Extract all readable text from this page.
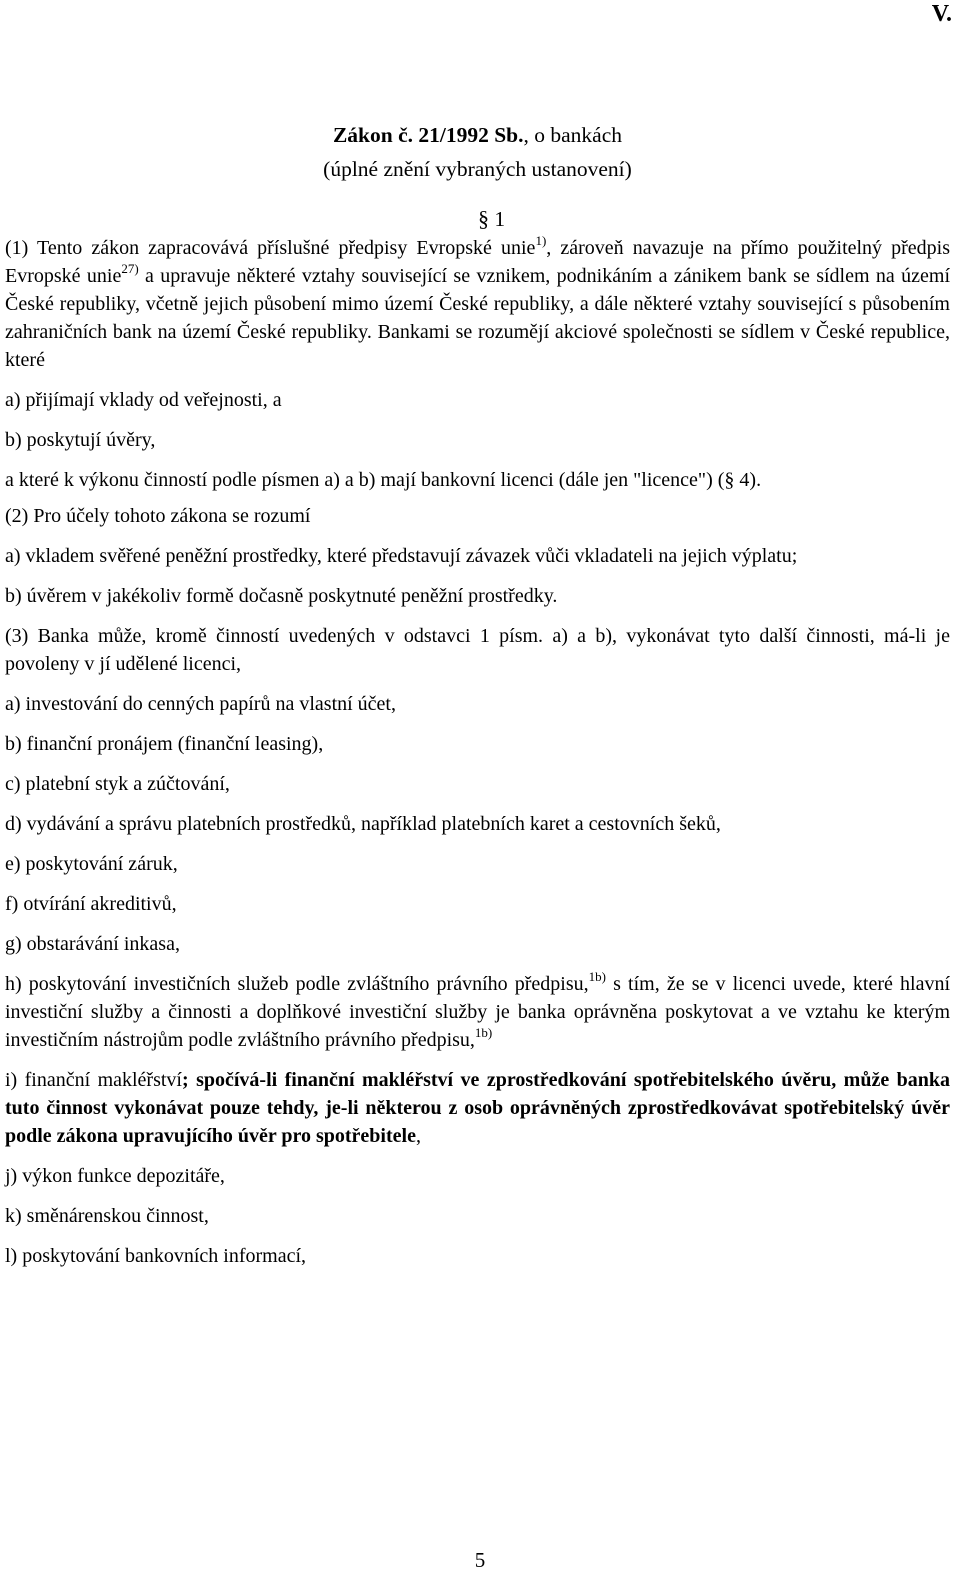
V.
Zákon č. 21/1992 Sb., o bankách
(úplné znění vybraných ustanovení)
§ 1

(1) Tento zákon zapracovává příslušné předpisy Evropské unie$^{1)}$, zároveň navazuje na přímo použitelný předpis Evropské unie$^{27)}$ a upravuje některé vztahy související se vznikem, podnikáním a zánikem bank se sídlem na území České republiky, včetně jejich působení mimo území České republiky, a dále některé vztahy související s působením zahraničních bank na území České republiky. Bankami se rozumějí akciové společnosti se sídlem v České republice, které

a) přijímají vklady od veřejnosti, a

b) poskytují úvěry,

a které k výkonu činností podle písmen a) a b) mají bankovní licenci (dále jen "licence") (§ 4).

(2) Pro účely tohoto zákona se rozumí

a) vkladem svěřené peněžní prostředky, které představují závazek vůči vkladateli na jejich výplatu;

b) úvěrem v jakékoliv formě dočasně poskytnuté peněžní prostředky.

(3) Banka může, kromě činností uvedených v odstavci 1 písm. a) a b), vykonávat tyto další činnosti, má-li je povoleny v jí udělené licenci,

a) investování do cenných papírů na vlastní účet,

b) finanční pronájem (finanční leasing),

c) platební styk a zúčtování,

d) vydávání a správu platebních prostředků, například platebních karet a cestovních šeků,

e) poskytování záruk,

f) otvírání akreditivů,

g) obstarávání inkasa,

h) poskytování investičních služeb podle zvláštního právního předpisu,$^{1b)}$ s tím, že se v licenci uvede, které hlavní investiční služby a činnosti a doplňkové investiční služby je banka oprávněna poskytovat a ve vztahu ke kterým investičním nástrojům podle zvláštního právního předpisu,$^{1b)}$

i) finanční makléřství; spočívá-li finanční makléřství ve zprostředkování spotřebitelského úvěru, může banka tuto činnost vykonávat pouze tehdy, je-li některou z osob oprávněných zprostředkovávat spotřebitelský úvěr podle zákona upravujícího úvěr pro spotřebitele,

j) výkon funkce depozitáře,

k) směnárenskou činnost,

l) poskytování bankovních informací,

5
